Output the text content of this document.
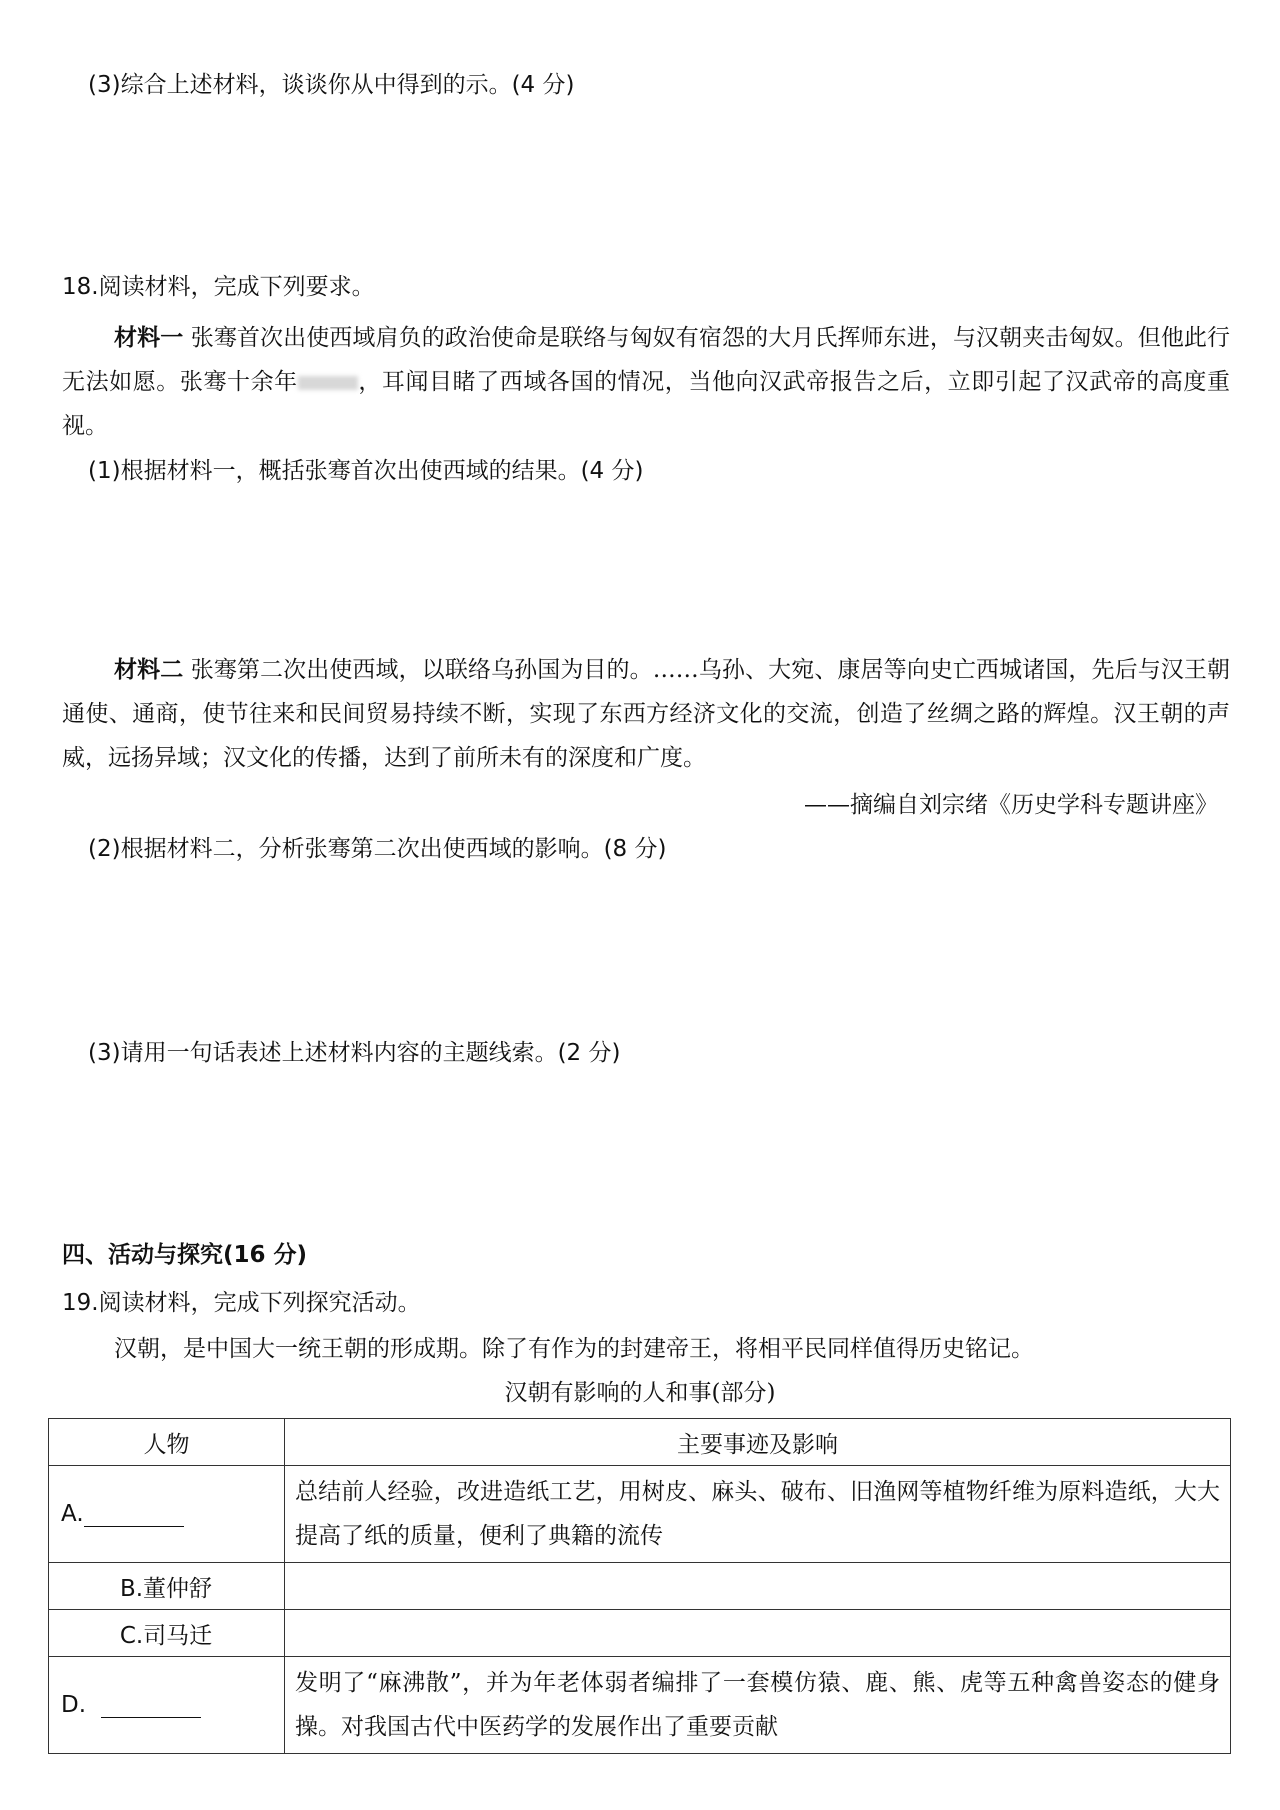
(3)综合上述材料，谈谈你从中得到的示。(4 分)
18.阅读材料，完成下列要求。
材料一 张骞首次出使西域肩负的政治使命是联络与匈奴有宿怨的大月氏挥师东进，与汉朝夹击匈奴。但他此行无法如愿。张骞十余年	，耳闻目睹了西域各国的情况，当他向汉武帝报告之后，立即引起了汉武帝的高度重视。
(1)根据材料一，概括张骞首次出使西域的结果。(4 分)
材料二 张骞第二次出使西域，以联络乌孙国为目的。……乌孙、大宛、康居等向史亡西城诸国，先后与汉王朝通使、通商，使节往来和民间贸易持续不断，实现了东西方经济文化的交流，创造了丝绸之路的辉煌。汉王朝的声威，远扬异域；汉文化的传播，达到了前所未有的深度和广度。
——摘编自刘宗绪《历史学科专题讲座》
(2)根据材料二，分析张骞第二次出使西域的影响。(8 分)
(3)请用一句话表述上述材料内容的主题线索。(2 分)
四、活动与探究(16 分)
19.阅读材料，完成下列探究活动。
汉朝，是中国大一统王朝的形成期。除了有作为的封建帝王，将相平民同样值得历史铭记。
汉朝有影响的人和事(部分)
人物	主要事迹及影响
A.	总结前人经验，改进造纸工艺，用树皮、麻头、破布、旧渔网等植物纤维为原料造纸，大大提高了纸的质量，便利了典籍的流传
B.董仲舒	
C.司马迁	
D.	发明了“麻沸散”，并为年老体弱者编排了一套模仿猿、鹿、熊、虎等五种禽兽姿态的健身操。对我国古代中医药学的发展作出了重要贡献
